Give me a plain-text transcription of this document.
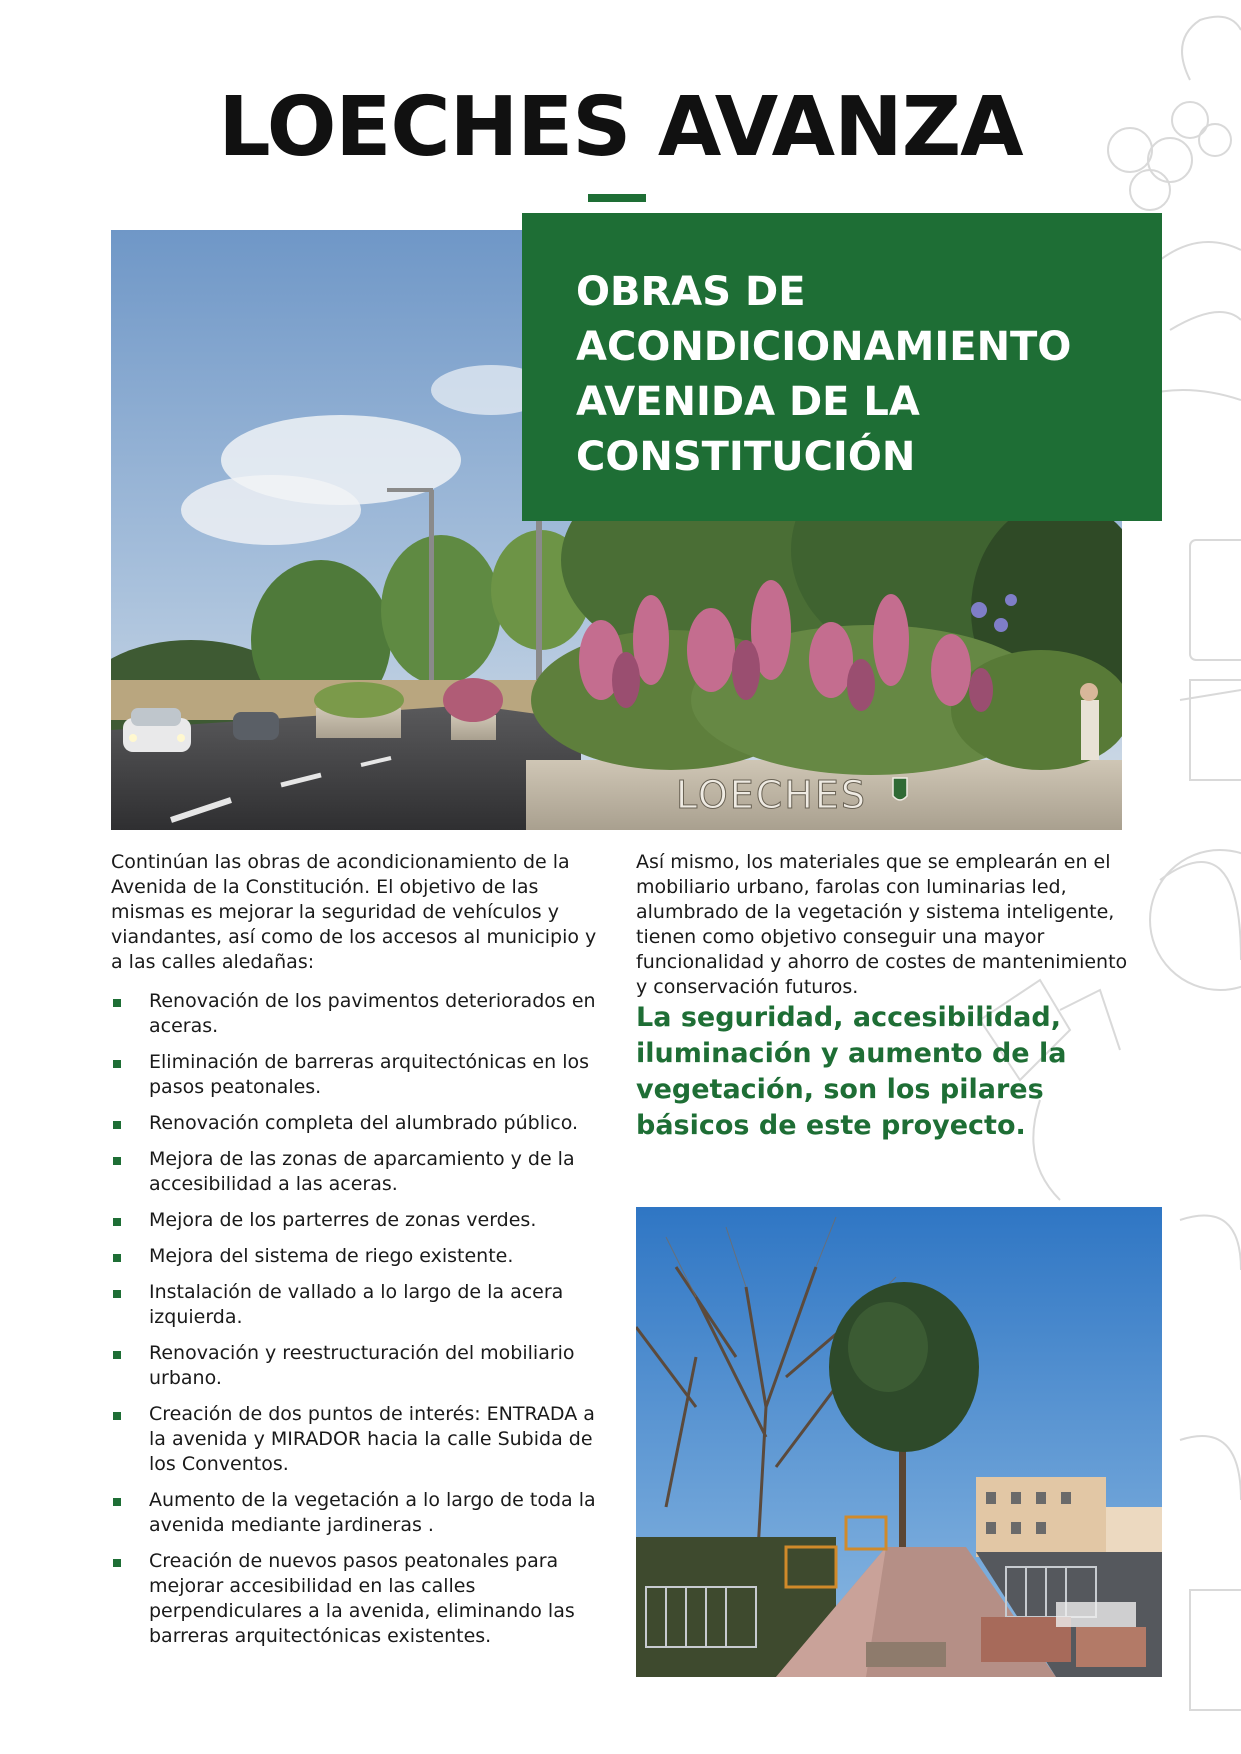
LOECHES AVANZA
LOECHES
OBRAS DE
ACONDICIONAMIENTO
AVENIDA DE LA
CONSTITUCIÓN

Continúan las obras de acondicionamiento de la Avenida de la Constitución. El objetivo de las mismas es mejorar la seguridad de vehículos y viandantes, así como de los accesos al municipio y a las calles aledañas:

Renovación de los pavimentos deteriorados en aceras.
Eliminación de barreras arquitectónicas en los pasos peatonales.
Renovación completa del alumbrado público.
Mejora de las zonas de aparcamiento y de la accesibilidad a las aceras.
Mejora de los parterres de zonas verdes.
Mejora del sistema de riego existente.
Instalación de vallado a lo largo de la acera izquierda.
Renovación y reestructuración del mobiliario urbano.
Creación de dos puntos de interés: ENTRADA a la avenida y MIRADOR hacia la calle Subida de los Conventos.
Aumento de la vegetación a lo largo de toda la avenida mediante jardineras .
Creación de nuevos pasos peatonales para mejorar accesibilidad en las calles perpendiculares a la avenida, eliminando las barreras arquitectónicas existentes.

Así mismo, los materiales que se emplearán en el mobiliario urbano, farolas con luminarias led, alumbrado de la vegetación y sistema inteligente, tienen como objetivo conseguir una mayor funcionalidad y ahorro de costes de mantenimiento y conservación futuros.

La seguridad, accesibilidad, iluminación y aumento de la vegetación, son los pilares básicos de este proyecto.
